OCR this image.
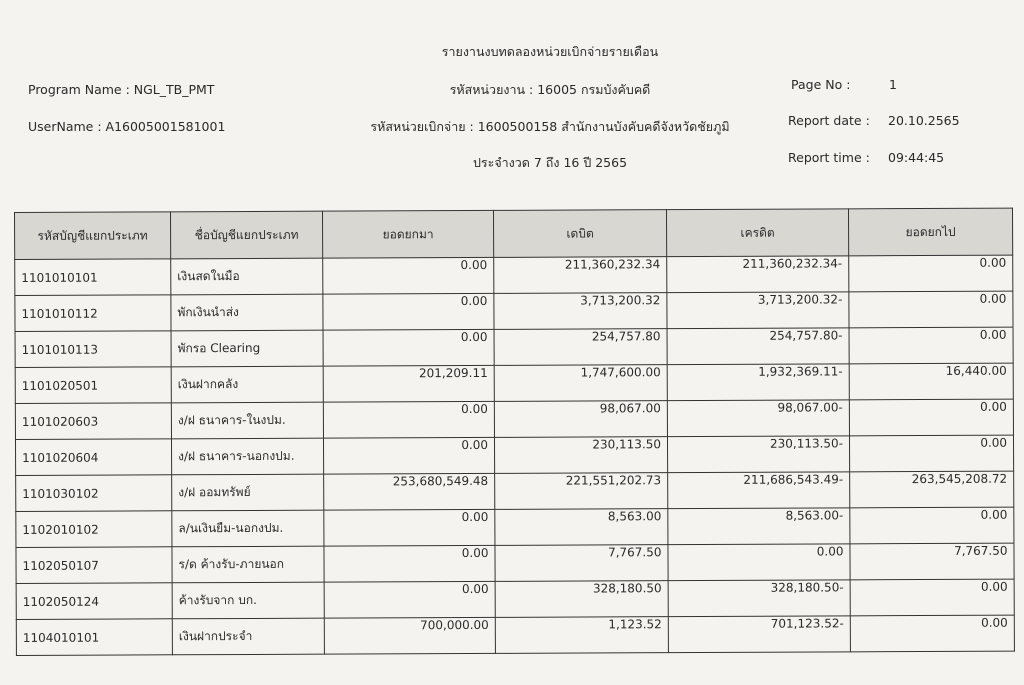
Program Name : NGL_TB_PMT
UserName : A16005001581001
รายงานงบทดลองหน่วยเบิกจ่ายรายเดือน
รหัสหน่วยงาน : 16005 กรมบังคับคดี
รหัสหน่วยเบิกจ่าย : 1600500158 สำนักงานบังคับคดีจังหวัดชัยภูมิ
ประจำงวด 7 ถึง 16 ปี 2565
Page No :	1
Report date : 20.10.2565
Report time : 09:44:45
รหัสบัญชีแยกประเภท	ชื่อบัญชีแยกประเภท	ยอดยกมา	เดบิต	เครดิต	ยอดยกไป
1101010101	เงินสดในมือ	0.00	211,360,232.34	211,360,232.34-	0.00
1101010112	พักเงินนำส่ง	0.00	3,713,200.32	3,713,200.32-	0.00
1101010113	พักรอ Clearing	0.00	254,757.80	254,757.80-	0.00
1101020501	เงินฝากคลัง	201,209.11	1,747,600.00	1,932,369.11-	16,440.00
1101020603	ง/ฝ ธนาคาร-ในงปม.	0.00	98,067.00	98,067.00-	0.00
1101020604	ง/ฝ ธนาคาร-นอกงปม.	0.00	230,113.50	230,113.50-	0.00
1101030102	ง/ฝ ออมทรัพย์	253,680,549.48	221,551,202.73	211,686,543.49-	263,545,208.72
1102010102	ล/นเงินยืม-นอกงปม.	0.00	8,563.00	8,563.00-	0.00
1102050107	ร/ด ค้างรับ-ภายนอก	0.00	7,767.50	0.00	7,767.50
1102050124	ค้างรับจาก บก.	0.00	328,180.50	328,180.50-	0.00
1104010101	เงินฝากประจำ	700,000.00	1,123.52	701,123.52-	0.00
